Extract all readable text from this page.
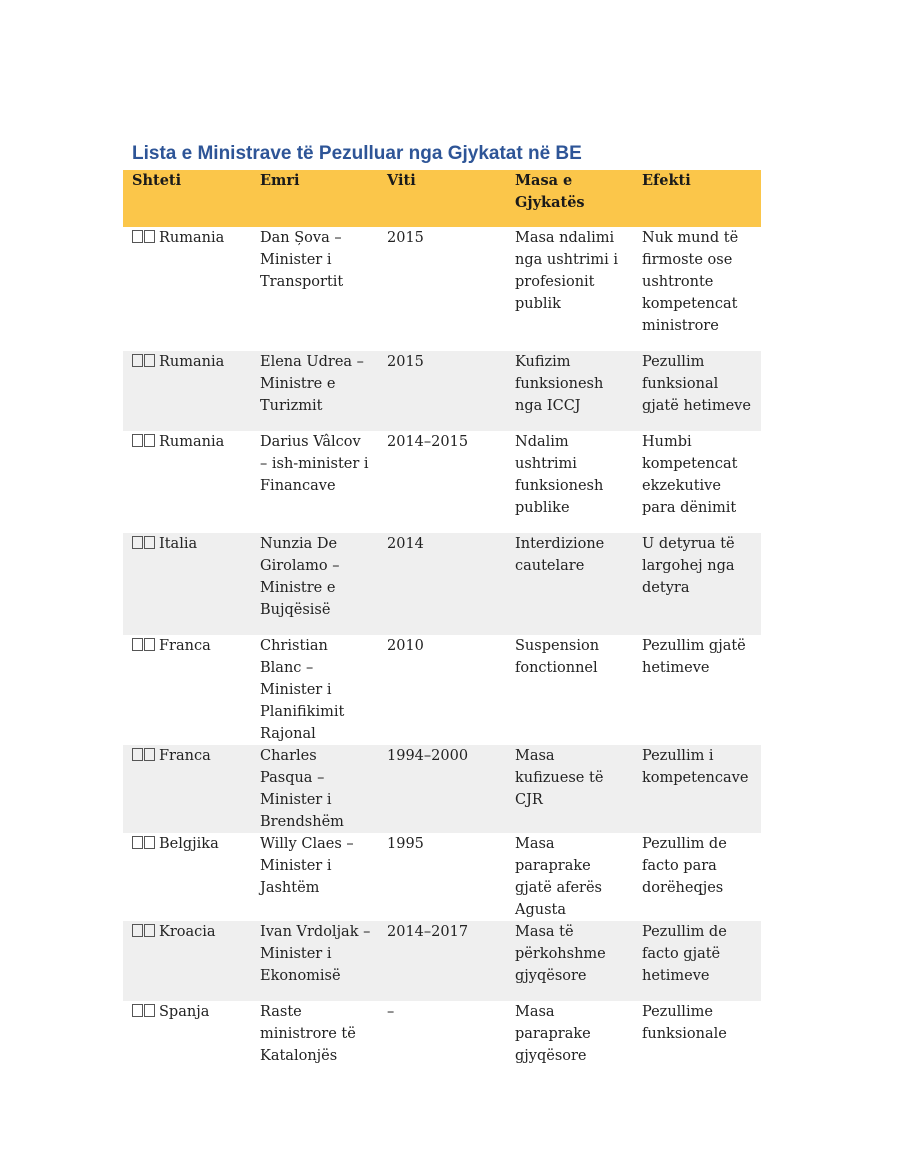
Lista e Ministrave të Pezulluar nga Gjykatat në BE
Shteti	Emri	Viti	Masa e Gjykatës	Efekti
Rumania	Dan Șova – Minister i Transportit	2015	Masa ndalimi nga ushtrimi i profesionit publik	Nuk mund të firmoste ose ushtronte kompetencat ministrore
Rumania	Elena Udrea – Ministre e Turizmit	2015	Kufizim funksionesh nga ICCJ	Pezullim funksional gjatë hetimeve
Rumania	Darius Vâlcov – ish-minister i Financave	2014–2015	Ndalim ushtrimi funksionesh publike	Humbi kompetencat ekzekutive para dënimit
Italia	Nunzia De Girolamo – Ministre e Bujqësisë	2014	Interdizione cautelare	U detyrua të largohej nga detyra
Franca	Christian Blanc – Minister i Planifikimit Rajonal	2010	Suspension fonctionnel	Pezullim gjatë hetimeve
Franca	Charles Pasqua – Minister i Brendshëm	1994–2000	Masa kufizuese të CJR	Pezullim i kompetencave
Belgjika	Willy Claes – Minister i Jashtëm	1995	Masa paraprake gjatë aferës Agusta	Pezullim de facto para dorëheqjes
Kroacia	Ivan Vrdoljak – Minister i Ekonomisë	2014–2017	Masa të përkohshme gjyqësore	Pezullim de facto gjatë hetimeve
Spanja	Raste ministrore të Katalonjës	–	Masa paraprake gjyqësore	Pezullime funksionale
